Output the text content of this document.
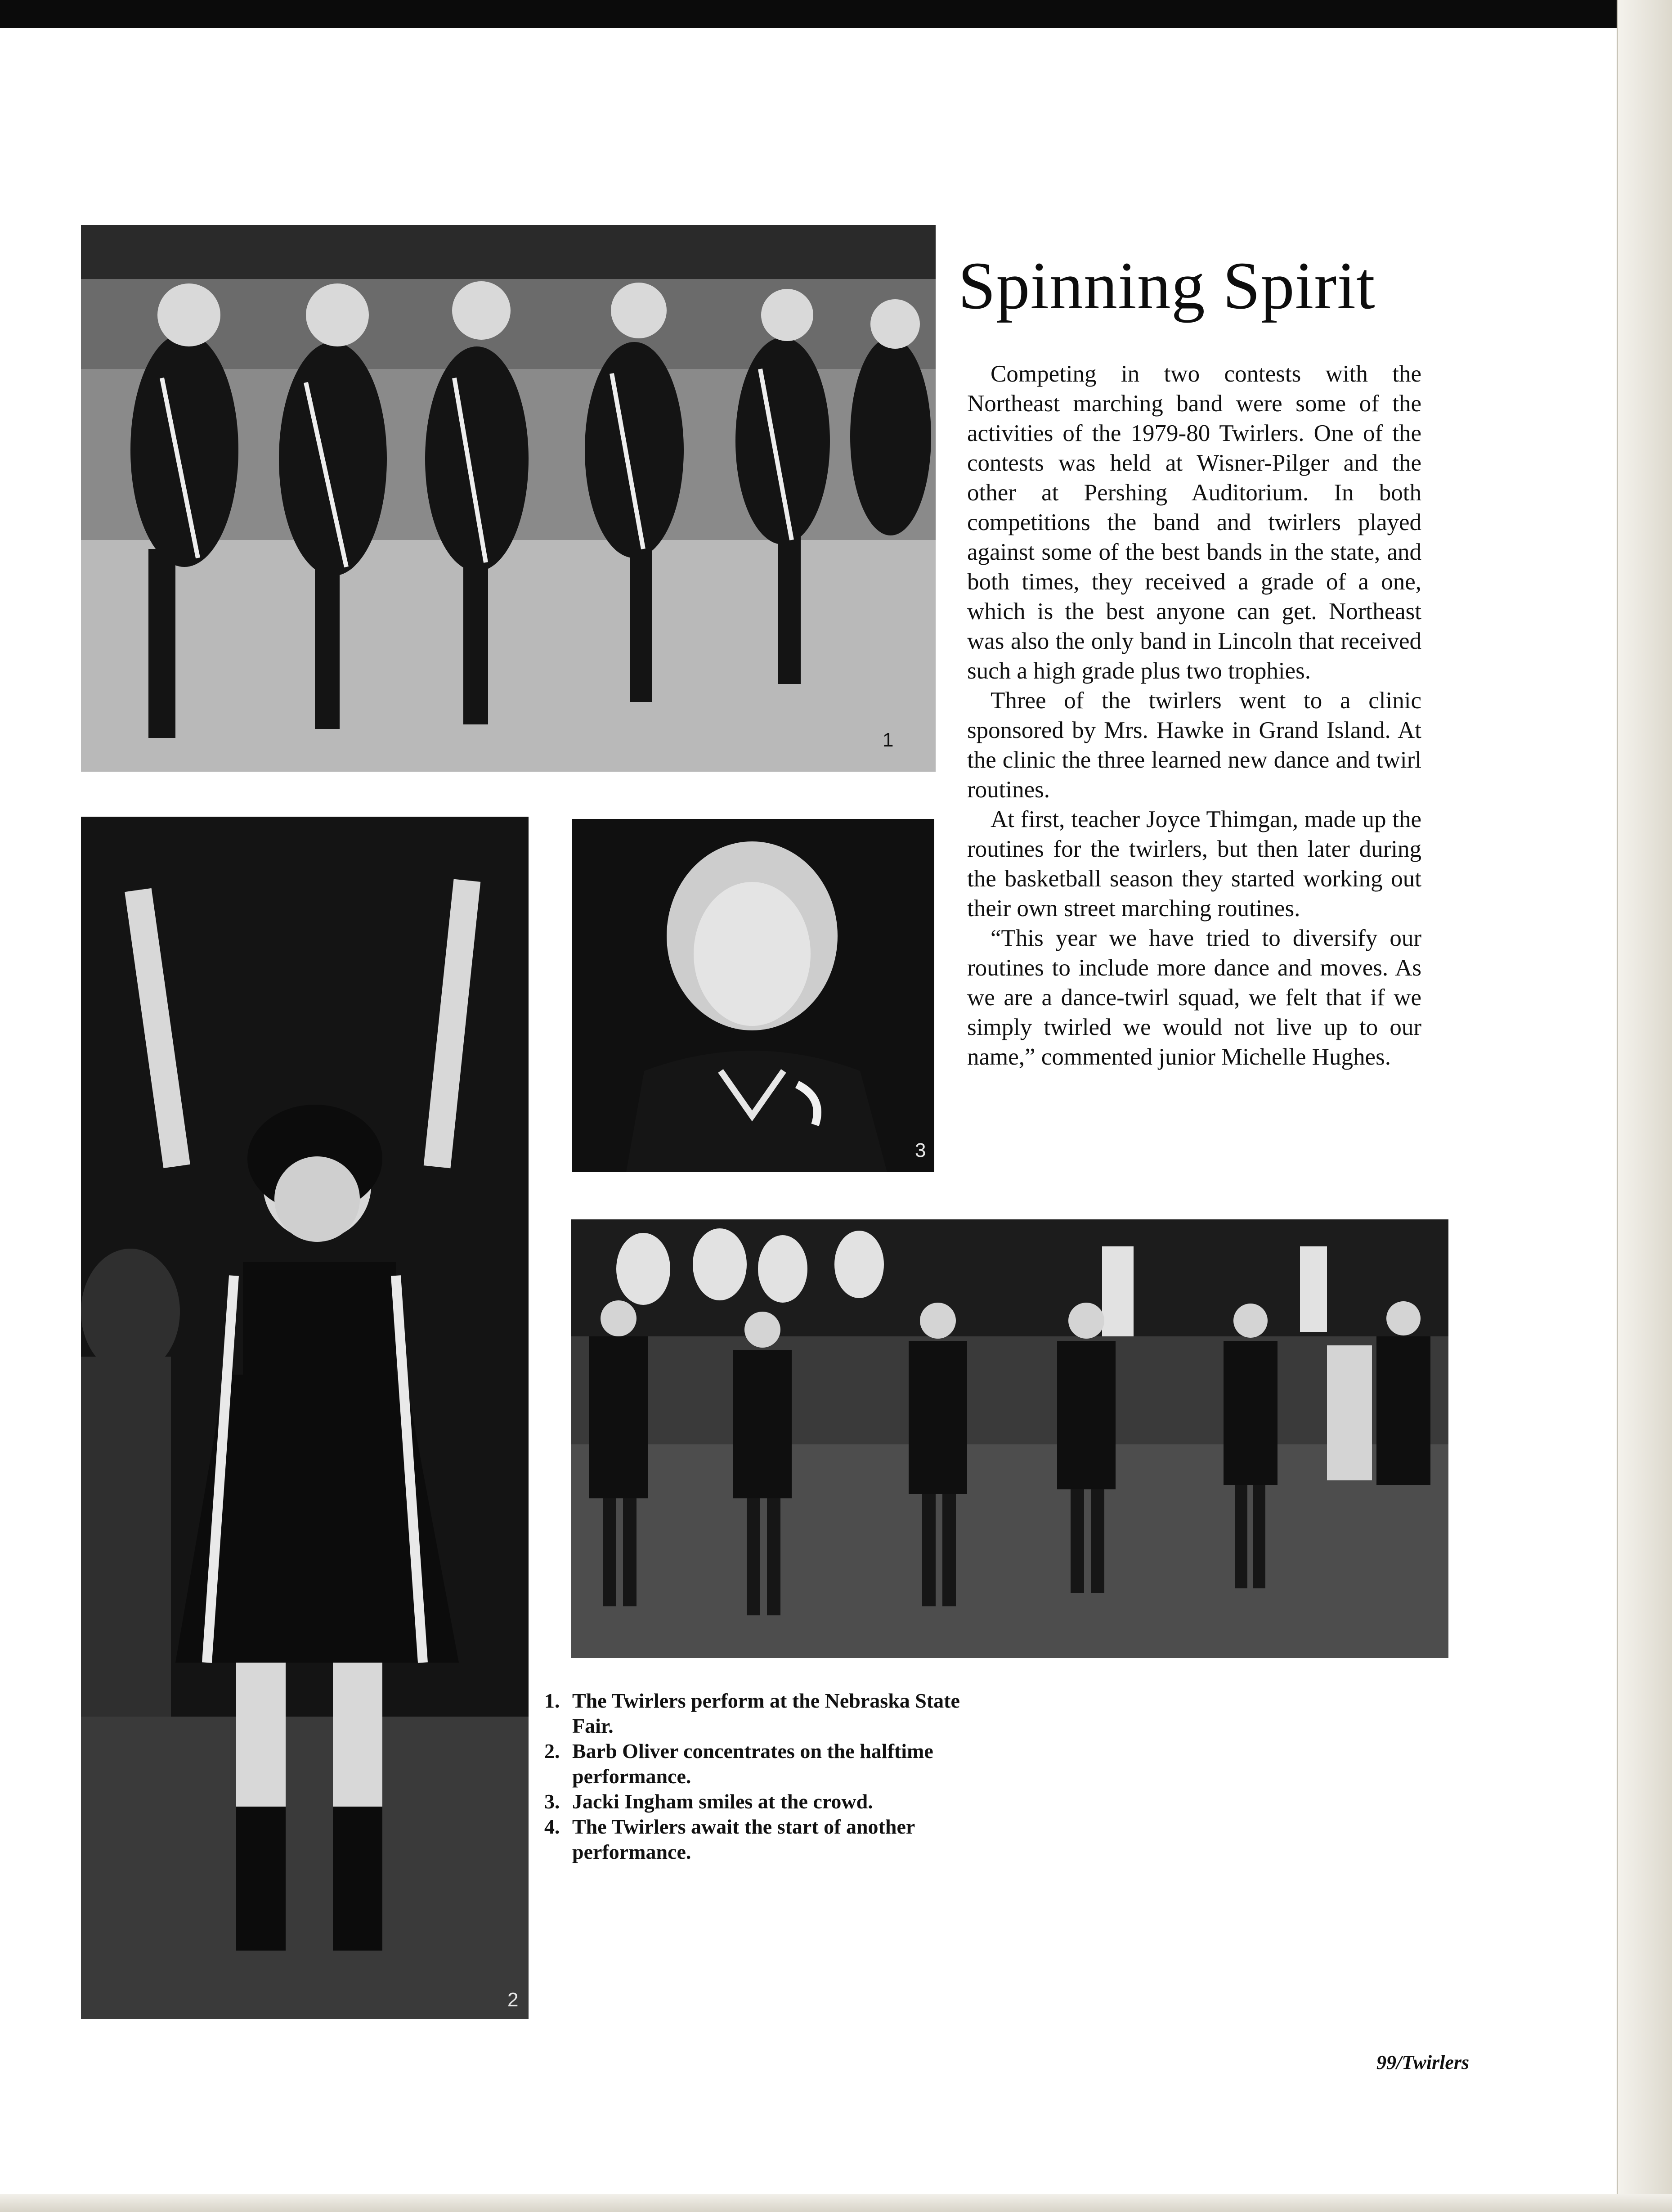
1
2
3
Spinning Spirit

Competing in two contests with the Northeast marching band were some of the activities of the 1979-80 Twirlers. One of the contests was held at Wisner-Pilger and the other at Pershing Auditorium. In both competitions the band and twirlers played against some of the best bands in the state, and both times, they received a grade of a one, which is the best anyone can get. Northeast was also the only band in Lincoln that received such a high grade plus two trophies.

Three of the twirlers went to a clinic sponsored by Mrs. Hawke in Grand Island. At the clinic the three learned new dance and twirl routines.

At first, teacher Joyce Thimgan, made up the routines for the twirlers, but then later during the basketball season they started working out their own street marching routines.

“This year we have tried to diversify our routines to include more dance and moves. As we are a dance-twirl squad, we felt that if we simply twirled we would not live up to our name,” commented junior Michelle Hughes.

1. The Twirlers perform at the Nebraska State Fair.
2. Barb Oliver concentrates on the halftime performance.
3. Jacki Ingham smiles at the crowd.
4. The Twirlers await the start of another performance.
99/Twirlers
